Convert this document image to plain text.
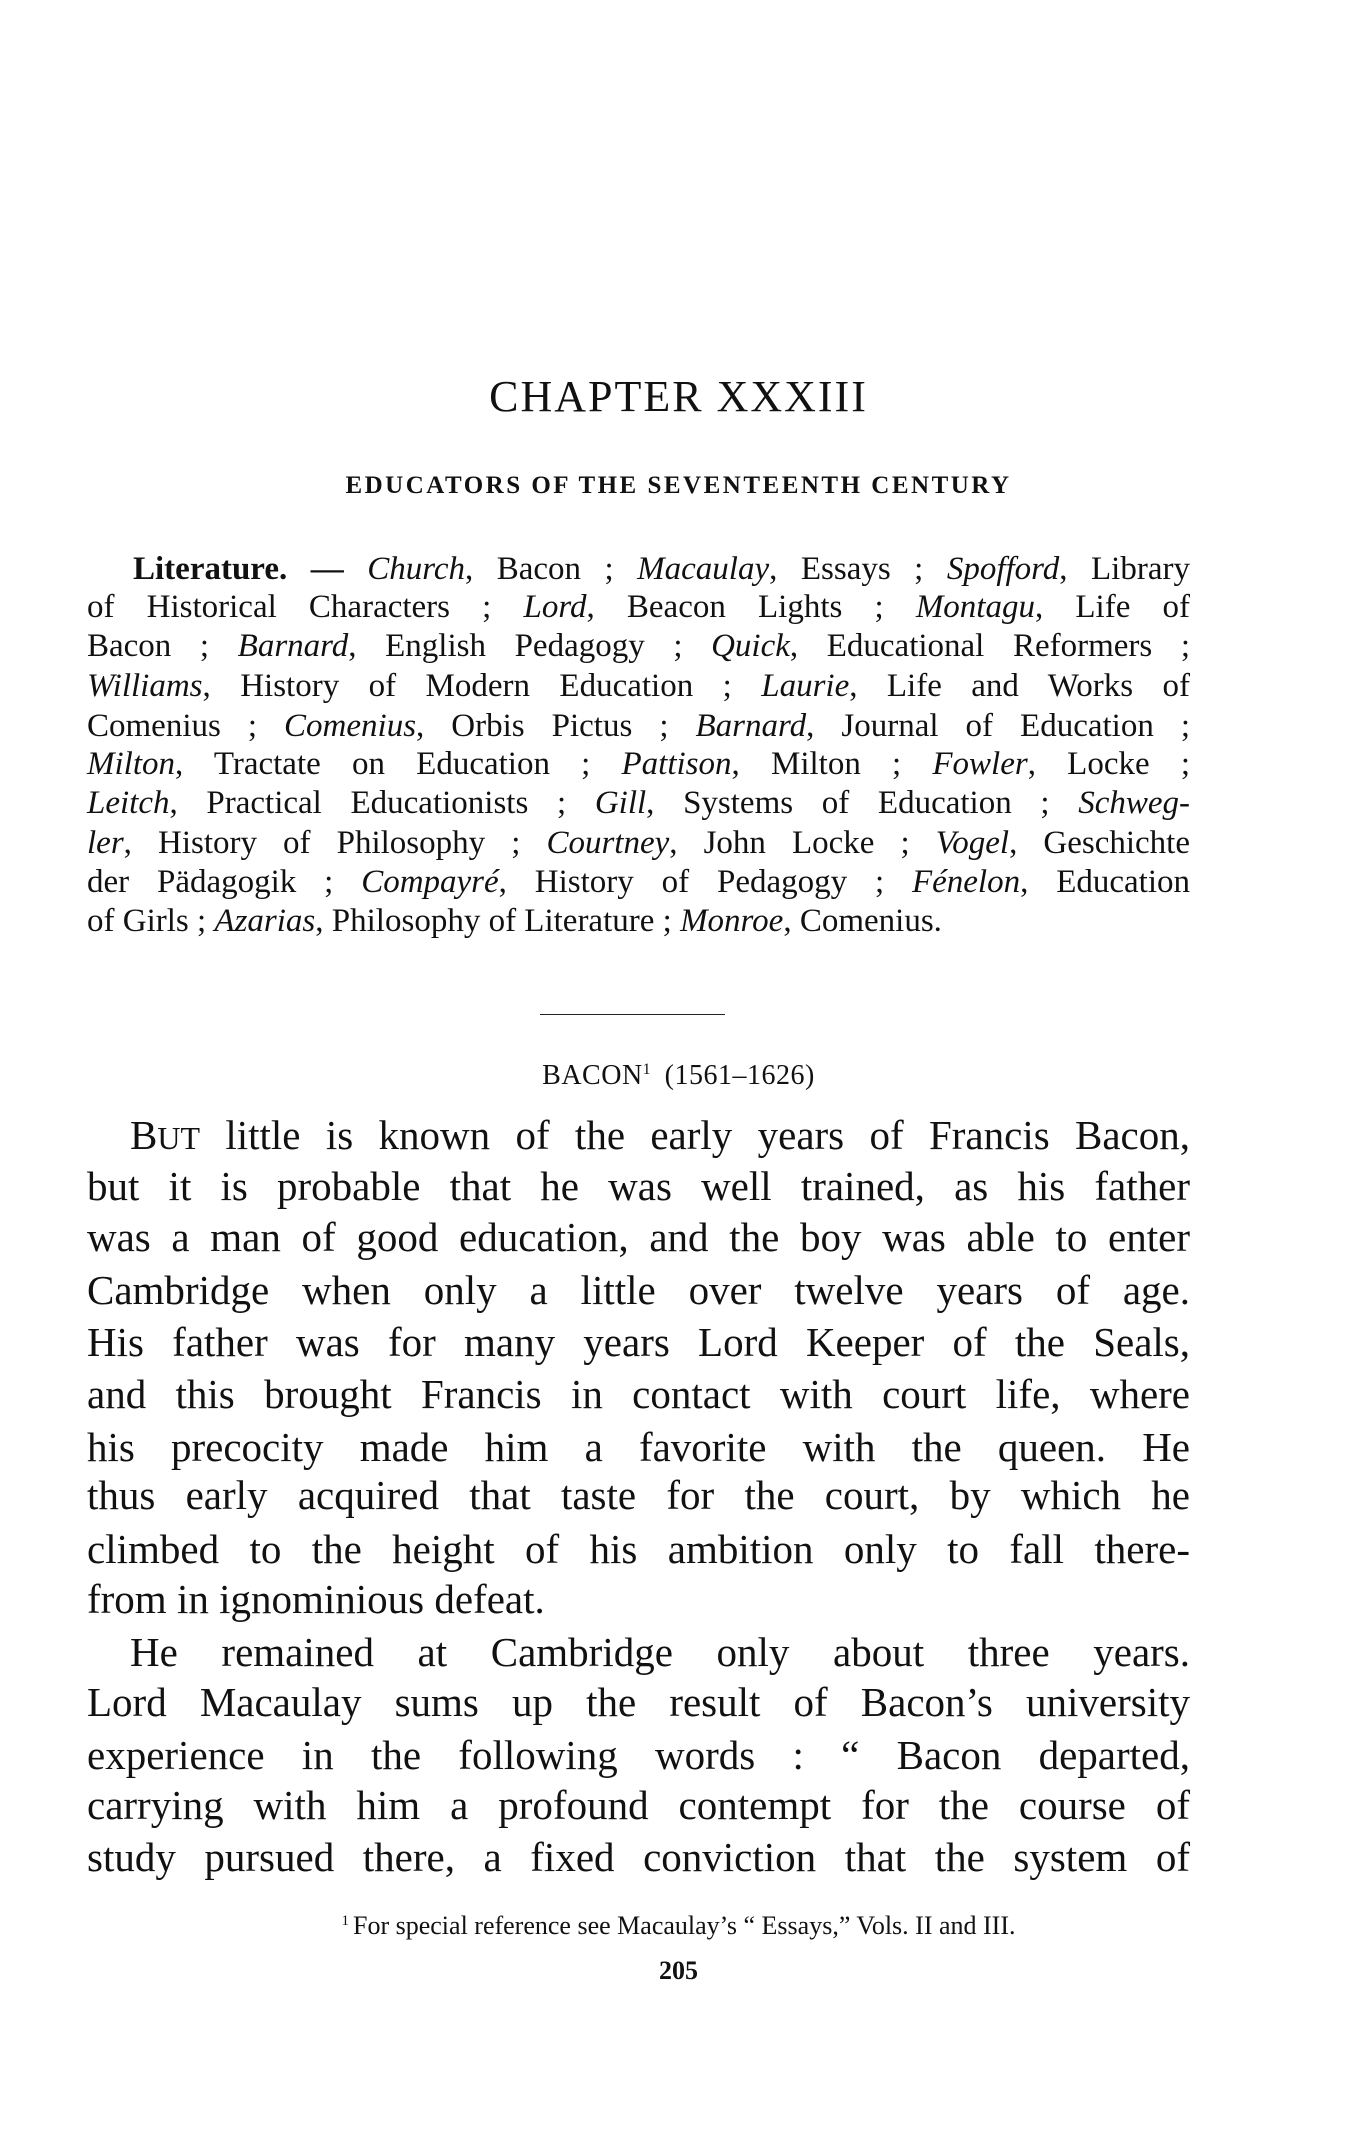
CHAPTER XXXIII
EDUCATORS OF THE SEVENTEENTH CENTURY
Literature. — Church, Bacon ; Macaulay, Essays ; Spofford, Library
of Historical Characters ; Lord, Beacon Lights ; Montagu, Life of
Bacon ; Barnard, English Pedagogy ; Quick, Educational Reformers ;
Williams, History of Modern Education ; Laurie, Life and Works of
Comenius ; Comenius, Orbis Pictus ; Barnard, Journal of Education ;
Milton, Tractate on Education ; Pattison, Milton ; Fowler, Locke ;
Leitch, Practical Educationists ; Gill, Systems of Education ; Schweg-
ler, History of Philosophy ; Courtney, John Locke ; Vogel, Geschichte
der Pädagogik ; Compayré, History of Pedagogy ; Fénelon, Education
of Girls ; Azarias, Philosophy of Literature ; Monroe, Comenius.
BACON$^1$ (1561–1626)
BUT little is known of the early years of Francis Bacon,
but it is probable that he was well trained, as his father
was a man of good education, and the boy was able to enter
Cambridge when only a little over twelve years of age.
His father was for many years Lord Keeper of the Seals,
and this brought Francis in contact with court life, where
his precocity made him a favorite with the queen. He
thus early acquired that taste for the court, by which he
climbed to the height of his ambition only to fall there-
from in ignominious defeat.
He remained at Cambridge only about three years.
Lord Macaulay sums up the result of Bacon’s university
experience in the following words : “ Bacon departed,
carrying with him a profound contempt for the course of
study pursued there, a fixed conviction that the system of
$^1$ For special reference see Macaulay’s “ Essays,” Vols. II and III.
205
